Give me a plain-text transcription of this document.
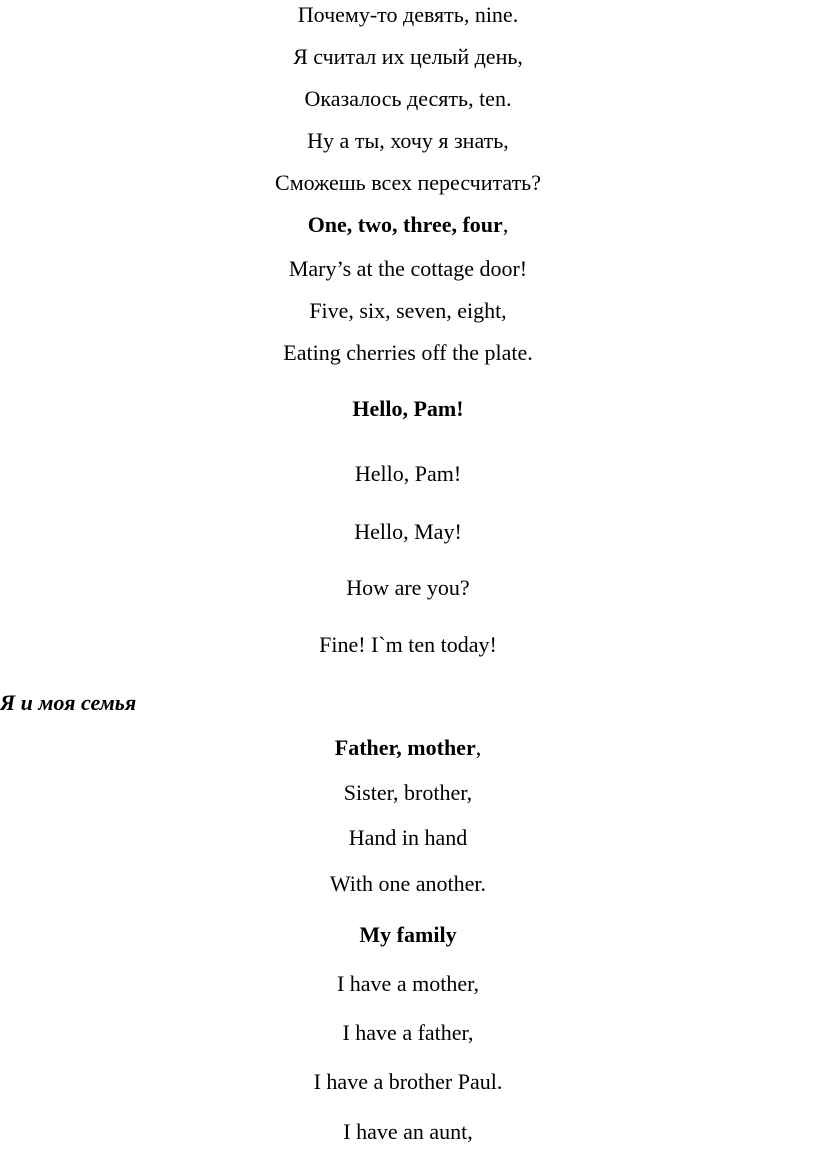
Почему-то девять, nine.
Я считал их целый день,
Оказалось десять, ten.
Ну а ты, хочу я знать,
Сможешь всех пересчитать?
One, two, three, four,
Mary’s at the cottage door!
Five, six, seven, eight,
Eating cherries off the plate.
Hello, Pam!
Hello, Pam!
Hello, May!
How are you?
Fine! I`m ten today!
Я и моя семья
Father, mother,
Sister, brother,
Hand in hand
With one another.
My family
I have a mother,
I have a father,
I have a brother Paul.
I have an aunt,
